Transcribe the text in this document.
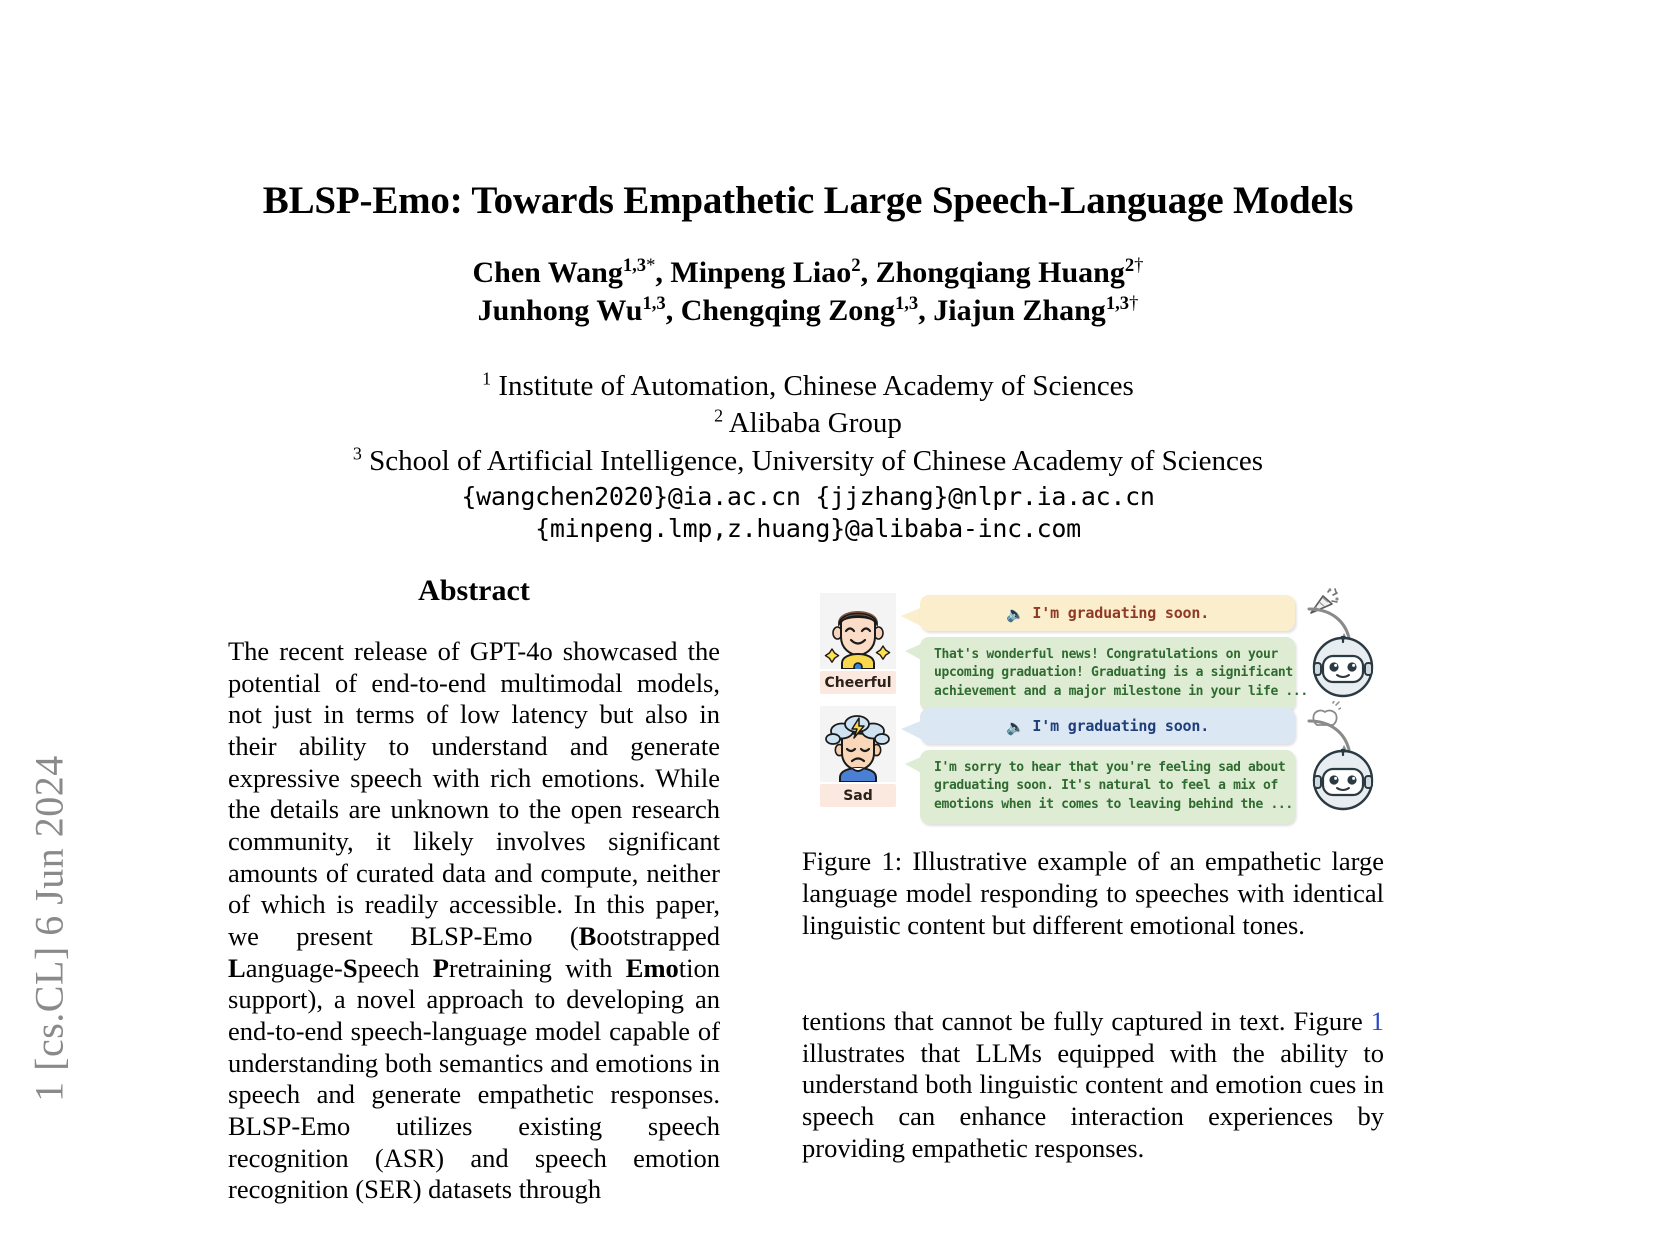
1 [cs.CL] 6 Jun 2024
BLSP-Emo: Towards Empathetic Large Speech-Language Models

Chen Wang$^{1,3*}$, Minpeng Liao$^2$, Zhongqiang Huang$^{2\dagger}$

Junhong Wu$^{1,3}$, Chengqing Zong$^{1,3}$, Jiajun Zhang$^{1,3\dagger}$

$^1$ Institute of Automation, Chinese Academy of Sciences

$^2$ Alibaba Group

$^3$ School of Artificial Intelligence, University of Chinese Academy of Sciences

{wangchen2020}@ia.ac.cn {jjzhang}@nlpr.ia.ac.cn

{minpeng.lmp,z.huang}@alibaba-inc.com

Abstract

The recent release of GPT-4o showcased the potential of end-to-end multimodal models, not just in terms of low latency but also in their ability to understand and generate expressive speech with rich emotions. While the details are unknown to the open research community, it likely involves significant amounts of curated data and compute, neither of which is readily accessible. In this paper, we present BLSP-Emo (Bootstrapped Language-Speech Pretraining with Emotion support), a novel approach to developing an end-to-end speech-language model capable of understanding both semantics and emotions in speech and generate empathetic responses. BLSP-Emo utilizes existing speech recognition (ASR) and speech emotion recognition (SER) datasets through

Cheerful
🔈 I'm graduating soon.
That's wonderful news! Congratulations on your
upcoming graduation! Graduating is a significant
achievement and a major milestone in your life ...
Sad
🔈 I'm graduating soon.
I'm sorry to hear that you're feeling sad about
graduating soon. It's natural to feel a mix of
emotions when it comes to leaving behind the ...

Figure 1: Illustrative example of an empathetic large language model responding to speeches with identical linguistic content but different emotional tones.

tentions that cannot be fully captured in text. Figure 1 illustrates that LLMs equipped with the ability to understand both linguistic content and emotion cues in speech can enhance interaction experiences by providing empathetic responses.
